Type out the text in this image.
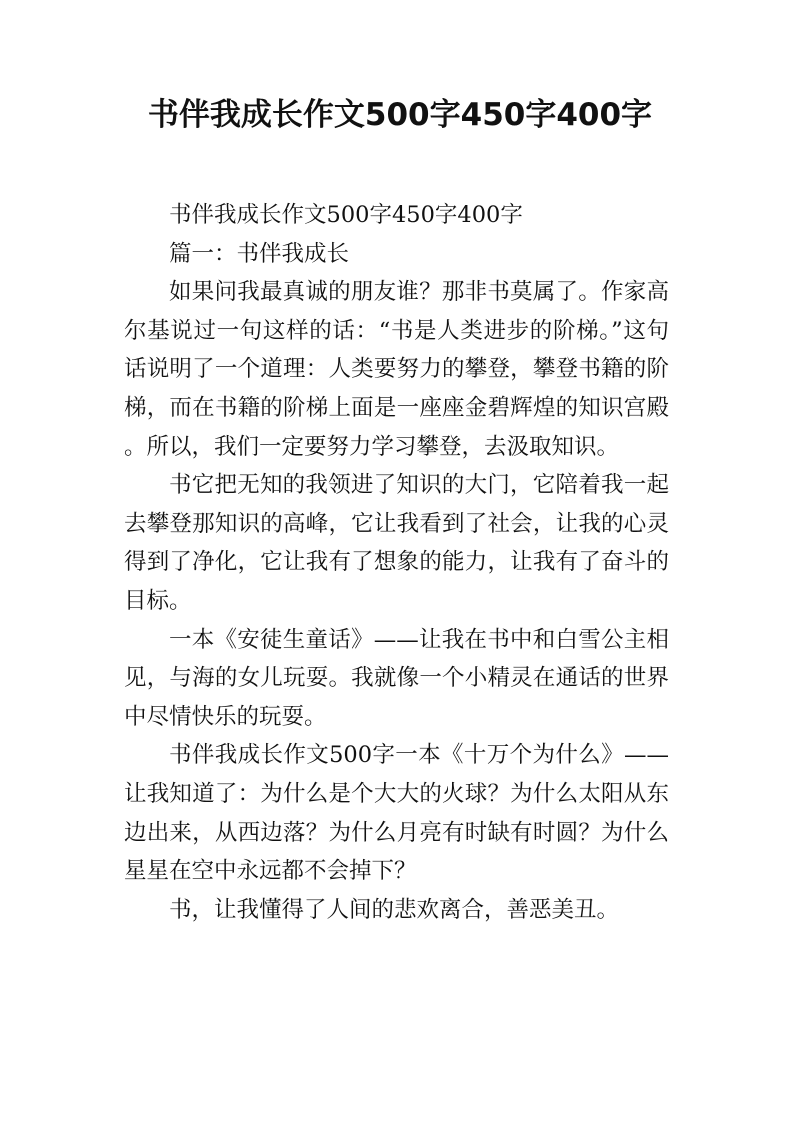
书伴我成长作文500字450字400字

书伴我成长作文500字450字400字

篇一：书伴我成长

如果问我最真诚的朋友谁？那非书莫属了。作家高尔基说过一句这样的话：“书是人类进步的阶梯。”这句话说明了一个道理：人类要努力的攀登，攀登书籍的阶梯，而在书籍的阶梯上面是一座座金碧辉煌的知识宫殿。所以，我们一定要努力学习攀登，去汲取知识。

书它把无知的我领进了知识的大门，它陪着我一起去攀登那知识的高峰，它让我看到了社会，让我的心灵得到了净化，它让我有了想象的能力，让我有了奋斗的目标。

一本《安徒生童话》——让我在书中和白雪公主相见，与海的女儿玩耍。我就像一个小精灵在通话的世界中尽情快乐的玩耍。

书伴我成长作文500字一本《十万个为什么》——让我知道了：为什么是个大大的火球？为什么太阳从东边出来，从西边落？为什么月亮有时缺有时圆？为什么星星在空中永远都不会掉下？

书，让我懂得了人间的悲欢离合，善恶美丑。
